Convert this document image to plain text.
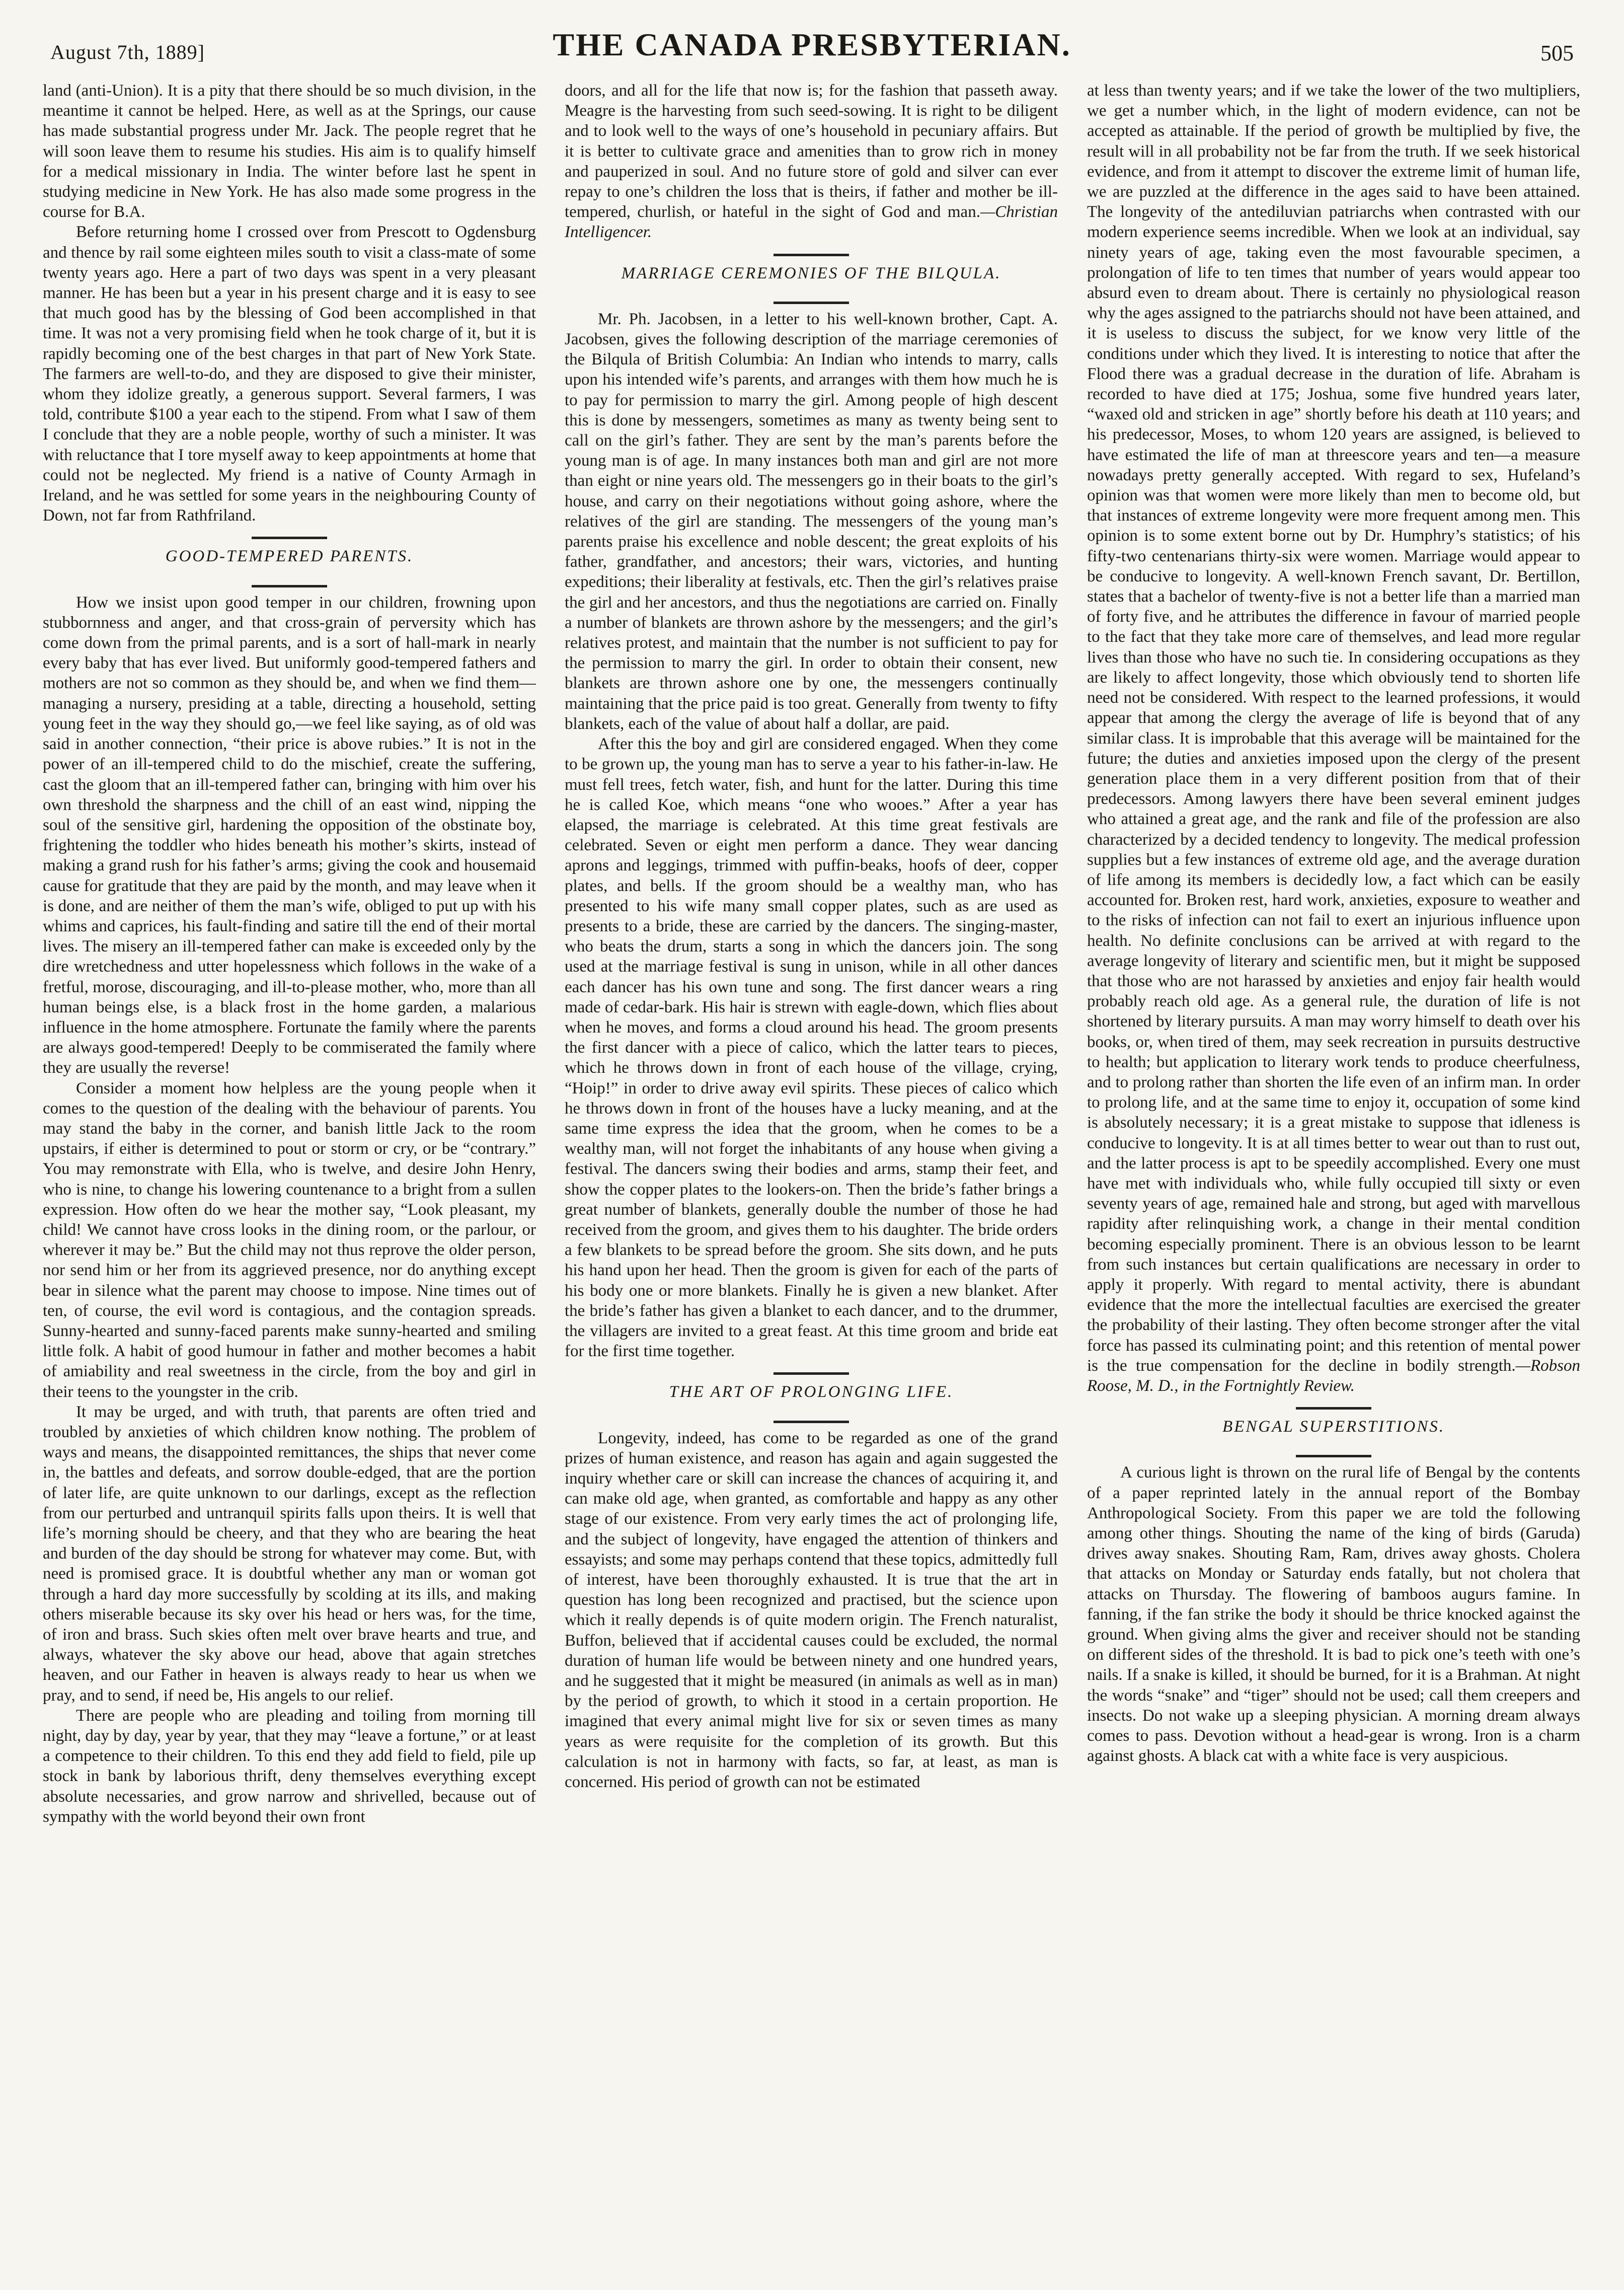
August 7th, 1889]	THE CANADA PRESBYTERIAN.	505

land (anti-Union). It is a pity that there should be so much division, in the meantime it cannot be helped. Here, as well as at the Springs, our cause has made substantial progress under Mr. Jack. The people regret that he will soon leave them to resume his studies. His aim is to qualify himself for a medical missionary in India. The winter before last he spent in studying medicine in New York. He has also made some progress in the course for B.A.

Before returning home I crossed over from Prescott to Ogdensburg and thence by rail some eighteen miles south to visit a class-mate of some twenty years ago. Here a part of two days was spent in a very pleasant manner. He has been but a year in his present charge and it is easy to see that much good has by the blessing of God been accomplished in that time. It was not a very promising field when he took charge of it, but it is rapidly becoming one of the best charges in that part of New York State. The farmers are well-to-do, and they are disposed to give their minister, whom they idolize greatly, a generous support. Several farmers, I was told, contribute $100 a year each to the stipend. From what I saw of them I conclude that they are a noble people, worthy of such a minister. It was with reluctance that I tore myself away to keep appointments at home that could not be neglected. My friend is a native of County Armagh in Ireland, and he was settled for some years in the neighbouring County of Down, not far from Rathfriland.

GOOD-TEMPERED PARENTS.

How we insist upon good temper in our children, frowning upon stubbornness and anger, and that cross-grain of perversity which has come down from the primal parents, and is a sort of hall-mark in nearly every baby that has ever lived. But uniformly good-tempered fathers and mothers are not so common as they should be, and when we find them—managing a nursery, presiding at a table, directing a household, setting young feet in the way they should go,—we feel like saying, as of old was said in another connection, “their price is above rubies.” It is not in the power of an ill-tempered child to do the mischief, create the suffering, cast the gloom that an ill-tempered father can, bringing with him over his own threshold the sharpness and the chill of an east wind, nipping the soul of the sensitive girl, hardening the opposition of the obstinate boy, frightening the toddler who hides beneath his mother’s skirts, instead of making a grand rush for his father’s arms; giving the cook and housemaid cause for gratitude that they are paid by the month, and may leave when it is done, and are neither of them the man’s wife, obliged to put up with his whims and caprices, his fault-finding and satire till the end of their mortal lives. The misery an ill-tempered father can make is exceeded only by the dire wretchedness and utter hopelessness which follows in the wake of a fretful, morose, discouraging, and ill-to-please mother, who, more than all human beings else, is a black frost in the home garden, a malarious influence in the home atmosphere. Fortunate the family where the parents are always good-tempered! Deeply to be commiserated the family where they are usually the reverse!

Consider a moment how helpless are the young people when it comes to the question of the dealing with the behaviour of parents. You may stand the baby in the corner, and banish little Jack to the room upstairs, if either is determined to pout or storm or cry, or be “contrary.” You may remonstrate with Ella, who is twelve, and desire John Henry, who is nine, to change his lowering countenance to a bright from a sullen expression. How often do we hear the mother say, “Look pleasant, my child! We cannot have cross looks in the dining room, or the parlour, or wherever it may be.” But the child may not thus reprove the older person, nor send him or her from its aggrieved presence, nor do anything except bear in silence what the parent may choose to impose. Nine times out of ten, of course, the evil word is contagious, and the contagion spreads. Sunny-hearted and sunny-faced parents make sunny-hearted and smiling little folk. A habit of good humour in father and mother becomes a habit of amiability and real sweetness in the circle, from the boy and girl in their teens to the youngster in the crib.

It may be urged, and with truth, that parents are often tried and troubled by anxieties of which children know nothing. The problem of ways and means, the disappointed remittances, the ships that never come in, the battles and defeats, and sorrow double-edged, that are the portion of later life, are quite unknown to our darlings, except as the reflection from our perturbed and untranquil spirits falls upon theirs. It is well that life’s morning should be cheery, and that they who are bearing the heat and burden of the day should be strong for whatever may come. But, with need is promised grace. It is doubtful whether any man or woman got through a hard day more successfully by scolding at its ills, and making others miserable because its sky over his head or hers was, for the time, of iron and brass. Such skies often melt over brave hearts and true, and always, whatever the sky above our head, above that again stretches heaven, and our Father in heaven is always ready to hear us when we pray, and to send, if need be, His angels to our relief.

There are people who are pleading and toiling from morning till night, day by day, year by year, that they may “leave a fortune,” or at least a competence to their children. To this end they add field to field, pile up stock in bank by laborious thrift, deny themselves everything except absolute necessaries, and grow narrow and shrivelled, because out of sympathy with the world beyond their own front

doors, and all for the life that now is; for the fashion that passeth away. Meagre is the harvesting from such seed-sowing. It is right to be diligent and to look well to the ways of one’s household in pecuniary affairs. But it is better to cultivate grace and amenities than to grow rich in money and pauperized in soul. And no future store of gold and silver can ever repay to one’s children the loss that is theirs, if father and mother be ill-tempered, churlish, or hateful in the sight of God and man.—Christian Intelligencer.

MARRIAGE CEREMONIES OF THE BILQULA.

Mr. Ph. Jacobsen, in a letter to his well-known brother, Capt. A. Jacobsen, gives the following description of the marriage ceremonies of the Bilqula of British Columbia: An Indian who intends to marry, calls upon his intended wife’s parents, and arranges with them how much he is to pay for permission to marry the girl. Among people of high descent this is done by messengers, sometimes as many as twenty being sent to call on the girl’s father. They are sent by the man’s parents before the young man is of age. In many instances both man and girl are not more than eight or nine years old. The messengers go in their boats to the girl’s house, and carry on their negotiations without going ashore, where the relatives of the girl are standing. The messengers of the young man’s parents praise his excellence and noble descent; the great exploits of his father, grandfather, and ancestors; their wars, victories, and hunting expeditions; their liberality at festivals, etc. Then the girl’s relatives praise the girl and her ancestors, and thus the negotiations are carried on. Finally a number of blankets are thrown ashore by the messengers; and the girl’s relatives protest, and maintain that the number is not sufficient to pay for the permission to marry the girl. In order to obtain their consent, new blankets are thrown ashore one by one, the messengers continually maintaining that the price paid is too great. Generally from twenty to fifty blankets, each of the value of about half a dollar, are paid.

After this the boy and girl are considered engaged. When they come to be grown up, the young man has to serve a year to his father-in-law. He must fell trees, fetch water, fish, and hunt for the latter. During this time he is called Koe, which means “one who wooes.” After a year has elapsed, the marriage is celebrated. At this time great festivals are celebrated. Seven or eight men perform a dance. They wear dancing aprons and leggings, trimmed with puffin-beaks, hoofs of deer, copper plates, and bells. If the groom should be a wealthy man, who has presented to his wife many small copper plates, such as are used as presents to a bride, these are carried by the dancers. The singing-master, who beats the drum, starts a song in which the dancers join. The song used at the marriage festival is sung in unison, while in all other dances each dancer has his own tune and song. The first dancer wears a ring made of cedar-bark. His hair is strewn with eagle-down, which flies about when he moves, and forms a cloud around his head. The groom presents the first dancer with a piece of calico, which the latter tears to pieces, which he throws down in front of each house of the village, crying, “Hoip!” in order to drive away evil spirits. These pieces of calico which he throws down in front of the houses have a lucky meaning, and at the same time express the idea that the groom, when he comes to be a wealthy man, will not forget the inhabitants of any house when giving a festival. The dancers swing their bodies and arms, stamp their feet, and show the copper plates to the lookers-on. Then the bride’s father brings a great number of blankets, generally double the number of those he had received from the groom, and gives them to his daughter. The bride orders a few blankets to be spread before the groom. She sits down, and he puts his hand upon her head. Then the groom is given for each of the parts of his body one or more blankets. Finally he is given a new blanket. After the bride’s father has given a blanket to each dancer, and to the drummer, the villagers are invited to a great feast. At this time groom and bride eat for the first time together.

THE ART OF PROLONGING LIFE.

Longevity, indeed, has come to be regarded as one of the grand prizes of human existence, and reason has again and again suggested the inquiry whether care or skill can increase the chances of acquiring it, and can make old age, when granted, as comfortable and happy as any other stage of our existence. From very early times the act of prolonging life, and the subject of longevity, have engaged the attention of thinkers and essayists; and some may perhaps contend that these topics, admittedly full of interest, have been thoroughly exhausted. It is true that the art in question has long been recognized and practised, but the science upon which it really depends is of quite modern origin. The French naturalist, Buffon, believed that if accidental causes could be excluded, the normal duration of human life would be between ninety and one hundred years, and he suggested that it might be measured (in animals as well as in man) by the period of growth, to which it stood in a certain proportion. He imagined that every animal might live for six or seven times as many years as were requisite for the completion of its growth. But this calculation is not in harmony with facts, so far, at least, as man is concerned. His period of growth can not be estimated

at less than twenty years; and if we take the lower of the two multipliers, we get a number which, in the light of modern evidence, can not be accepted as attainable. If the period of growth be multiplied by five, the result will in all probability not be far from the truth. If we seek historical evidence, and from it attempt to discover the extreme limit of human life, we are puzzled at the difference in the ages said to have been attained. The longevity of the antediluvian patriarchs when contrasted with our modern experience seems incredible. When we look at an individual, say ninety years of age, taking even the most favourable specimen, a prolongation of life to ten times that number of years would appear too absurd even to dream about. There is certainly no physiological reason why the ages assigned to the patriarchs should not have been attained, and it is useless to discuss the subject, for we know very little of the conditions under which they lived. It is interesting to notice that after the Flood there was a gradual decrease in the duration of life. Abraham is recorded to have died at 175; Joshua, some five hundred years later, “waxed old and stricken in age” shortly before his death at 110 years; and his predecessor, Moses, to whom 120 years are assigned, is believed to have estimated the life of man at threescore years and ten—a measure nowadays pretty generally accepted. With regard to sex, Hufeland’s opinion was that women were more likely than men to become old, but that instances of extreme longevity were more frequent among men. This opinion is to some extent borne out by Dr. Humphry’s statistics; of his fifty-two centenarians thirty-six were women. Marriage would appear to be conducive to longevity. A well-known French savant, Dr. Bertillon, states that a bachelor of twenty-five is not a better life than a married man of forty five, and he attributes the difference in favour of married people to the fact that they take more care of themselves, and lead more regular lives than those who have no such tie. In considering occupations as they are likely to affect longevity, those which obviously tend to shorten life need not be considered. With respect to the learned professions, it would appear that among the clergy the average of life is beyond that of any similar class. It is improbable that this average will be maintained for the future; the duties and anxieties imposed upon the clergy of the present generation place them in a very different position from that of their predecessors. Among lawyers there have been several eminent judges who attained a great age, and the rank and file of the profession are also characterized by a decided tendency to longevity. The medical profession supplies but a few instances of extreme old age, and the average duration of life among its members is decidedly low, a fact which can be easily accounted for. Broken rest, hard work, anxieties, exposure to weather and to the risks of infection can not fail to exert an injurious influence upon health. No definite conclusions can be arrived at with regard to the average longevity of literary and scientific men, but it might be supposed that those who are not harassed by anxieties and enjoy fair health would probably reach old age. As a general rule, the duration of life is not shortened by literary pursuits. A man may worry himself to death over his books, or, when tired of them, may seek recreation in pursuits destructive to health; but application to literary work tends to produce cheerfulness, and to prolong rather than shorten the life even of an infirm man. In order to prolong life, and at the same time to enjoy it, occupation of some kind is absolutely necessary; it is a great mistake to suppose that idleness is conducive to longevity. It is at all times better to wear out than to rust out, and the latter process is apt to be speedily accomplished. Every one must have met with individuals who, while fully occupied till sixty or even seventy years of age, remained hale and strong, but aged with marvellous rapidity after relinquishing work, a change in their mental condition becoming especially prominent. There is an obvious lesson to be learnt from such instances but certain qualifications are necessary in order to apply it properly. With regard to mental activity, there is abundant evidence that the more the intellectual faculties are exercised the greater the probability of their lasting. They often become stronger after the vital force has passed its culminating point; and this retention of mental power is the true compensation for the decline in bodily strength.—Robson Roose, M. D., in the Fortnightly Review.

BENGAL SUPERSTITIONS.

A curious light is thrown on the rural life of Bengal by the contents of a paper reprinted lately in the annual report of the Bombay Anthropological Society. From this paper we are told the following among other things. Shouting the name of the king of birds (Garuda) drives away snakes. Shouting Ram, Ram, drives away ghosts. Cholera that attacks on Monday or Saturday ends fatally, but not cholera that attacks on Thursday. The flowering of bamboos augurs famine. In fanning, if the fan strike the body it should be thrice knocked against the ground. When giving alms the giver and receiver should not be standing on different sides of the threshold. It is bad to pick one’s teeth with one’s nails. If a snake is killed, it should be burned, for it is a Brahman. At night the words “snake” and “tiger” should not be used; call them creepers and insects. Do not wake up a sleeping physician. A morning dream always comes to pass. Devotion without a head-gear is wrong. Iron is a charm against ghosts. A black cat with a white face is very auspicious.
